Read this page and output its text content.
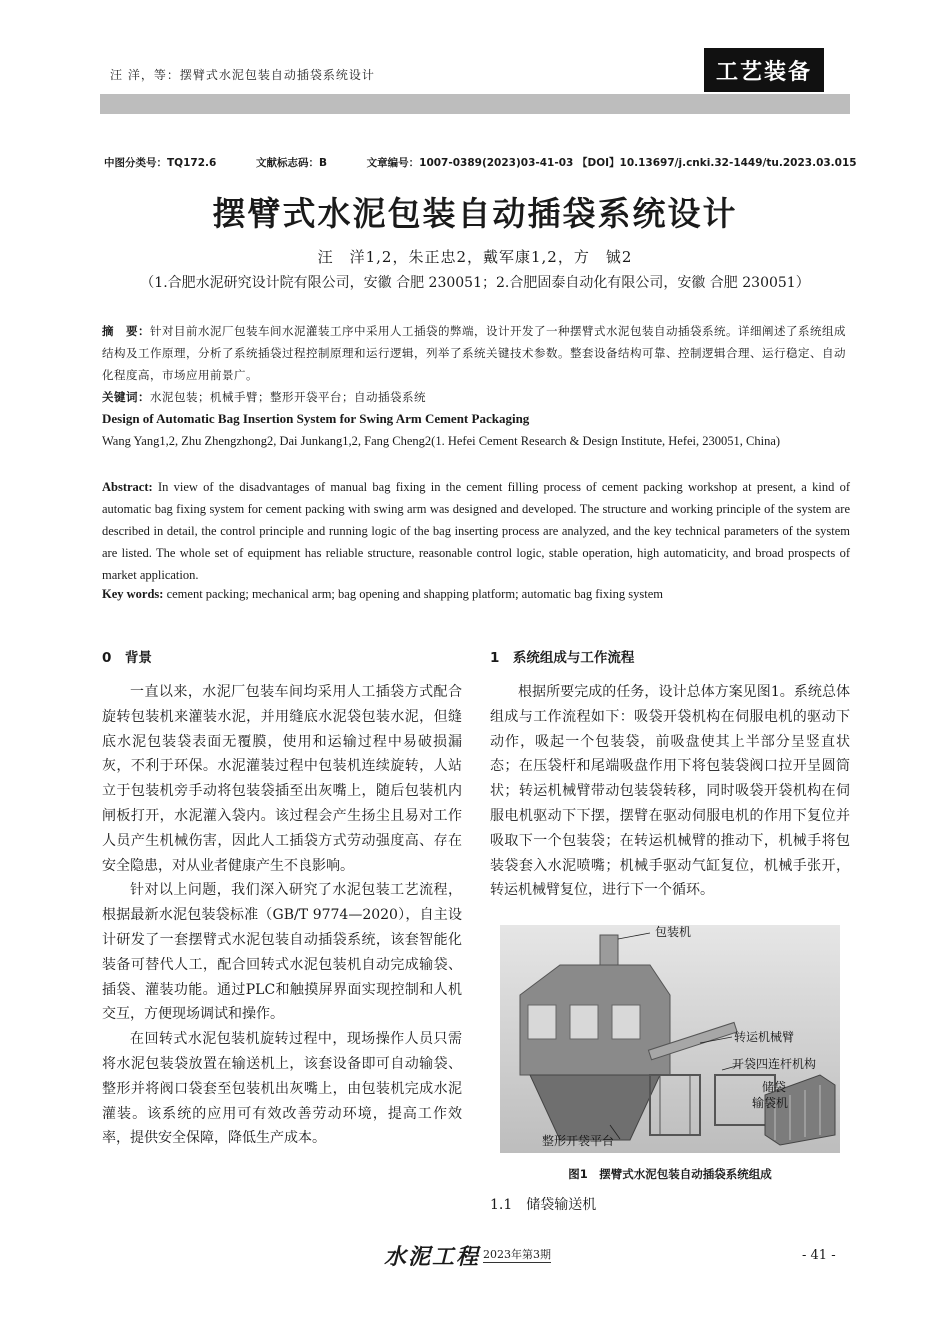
汪 洋，等：摆臂式水泥包装自动插袋系统设计	工艺装备
中图分类号：TQ172.6	文献标志码：B	文章编号：1007-0389(2023)03-41-03 【DOI】10.13697/j.cnki.32-1449/tu.2023.03.015
摆臂式水泥包装自动插袋系统设计
汪　洋1,2，朱正忠2，戴军康1,2，方　铖2
（1.合肥水泥研究设计院有限公司，安徽 合肥 230051；2.合肥固泰自动化有限公司，安徽 合肥 230051）
摘　要：针对目前水泥厂包装车间水泥灌装工序中采用人工插袋的弊端，设计开发了一种摆臂式水泥包装自动插袋系统。详细阐述了系统组成结构及工作原理，分析了系统插袋过程控制原理和运行逻辑，列举了系统关键技术参数。整套设备结构可靠、控制逻辑合理、运行稳定、自动化程度高，市场应用前景广。
关键词：水泥包装；机械手臂；整形开袋平台；自动插袋系统
Design of Automatic Bag Insertion System for Swing Arm Cement Packaging
Wang Yang1,2, Zhu Zhengzhong2, Dai Junkang1,2, Fang Cheng2(1. Hefei Cement Research & Design Institute, Hefei, 230051, China)
Abstract: In view of the disadvantages of manual bag fixing in the cement filling process of cement packing workshop at present, a kind of automatic bag fixing system for cement packing with swing arm was designed and developed. The structure and working principle of the system are described in detail, the control principle and running logic of the bag inserting process are analyzed, and the key technical parameters of the system are listed. The whole set of equipment has reliable structure, reasonable control logic, stable operation, high automaticity, and broad prospects of market application.
Key words: cement packing; mechanical arm; bag opening and shapping platform; automatic bag fixing system
0　背景	1　系统组成与工作流程

一直以来，水泥厂包装车间均采用人工插袋方式配合旋转包装机来灌装水泥，并用缝底水泥袋包装水泥，但缝底水泥包装袋表面无覆膜，使用和运输过程中易破损漏灰，不利于环保。水泥灌装过程中包装机连续旋转，人站立于包装机旁手动将包装袋插至出灰嘴上，随后包装机内闸板打开，水泥灌入袋内。该过程会产生扬尘且易对工作人员产生机械伤害，因此人工插袋方式劳动强度高、存在安全隐患，对从业者健康产生不良影响。

针对以上问题，我们深入研究了水泥包装工艺流程，根据最新水泥包装袋标准（GB/T 9774—2020），自主设计研发了一套摆臂式水泥包装自动插袋系统，该套智能化装备可替代人工，配合回转式水泥包装机自动完成输袋、插袋、灌装功能。通过PLC和触摸屏界面实现控制和人机交互，方便现场调试和操作。

在回转式水泥包装机旋转过程中，现场操作人员只需将水泥包装袋放置在输送机上，该套设备即可自动输袋、整形并将阀口袋套至包装机出灰嘴上，由包装机完成水泥灌装。该系统的应用可有效改善劳动环境，提高工作效率，提供安全保障，降低生产成本。

根据所要完成的任务，设计总体方案见图1。系统总体组成与工作流程如下：吸袋开袋机构在伺服电机的驱动下动作，吸起一个包装袋，前吸盘使其上半部分呈竖直状态；在压袋杆和尾端吸盘作用下将包装袋阀口拉开呈圆筒状；转运机械臂带动包装袋转移，同时吸袋开袋机构在伺服电机驱动下下摆，摆臂在驱动伺服电机的作用下复位并吸取下一个包装袋；在转运机械臂的推动下，机械手将包装袋套入水泥喷嘴；机械手驱动气缸复位，机械手张开，转运机械臂复位，进行下一个循环。

包装机
转运机械臂
开袋四连杆机构
储袋
输袋机
整形开袋平台
图1　摆臂式水泥包装自动插袋系统组成
1.1　储袋输送机
水泥工程 2023年第3期	- 41 -
